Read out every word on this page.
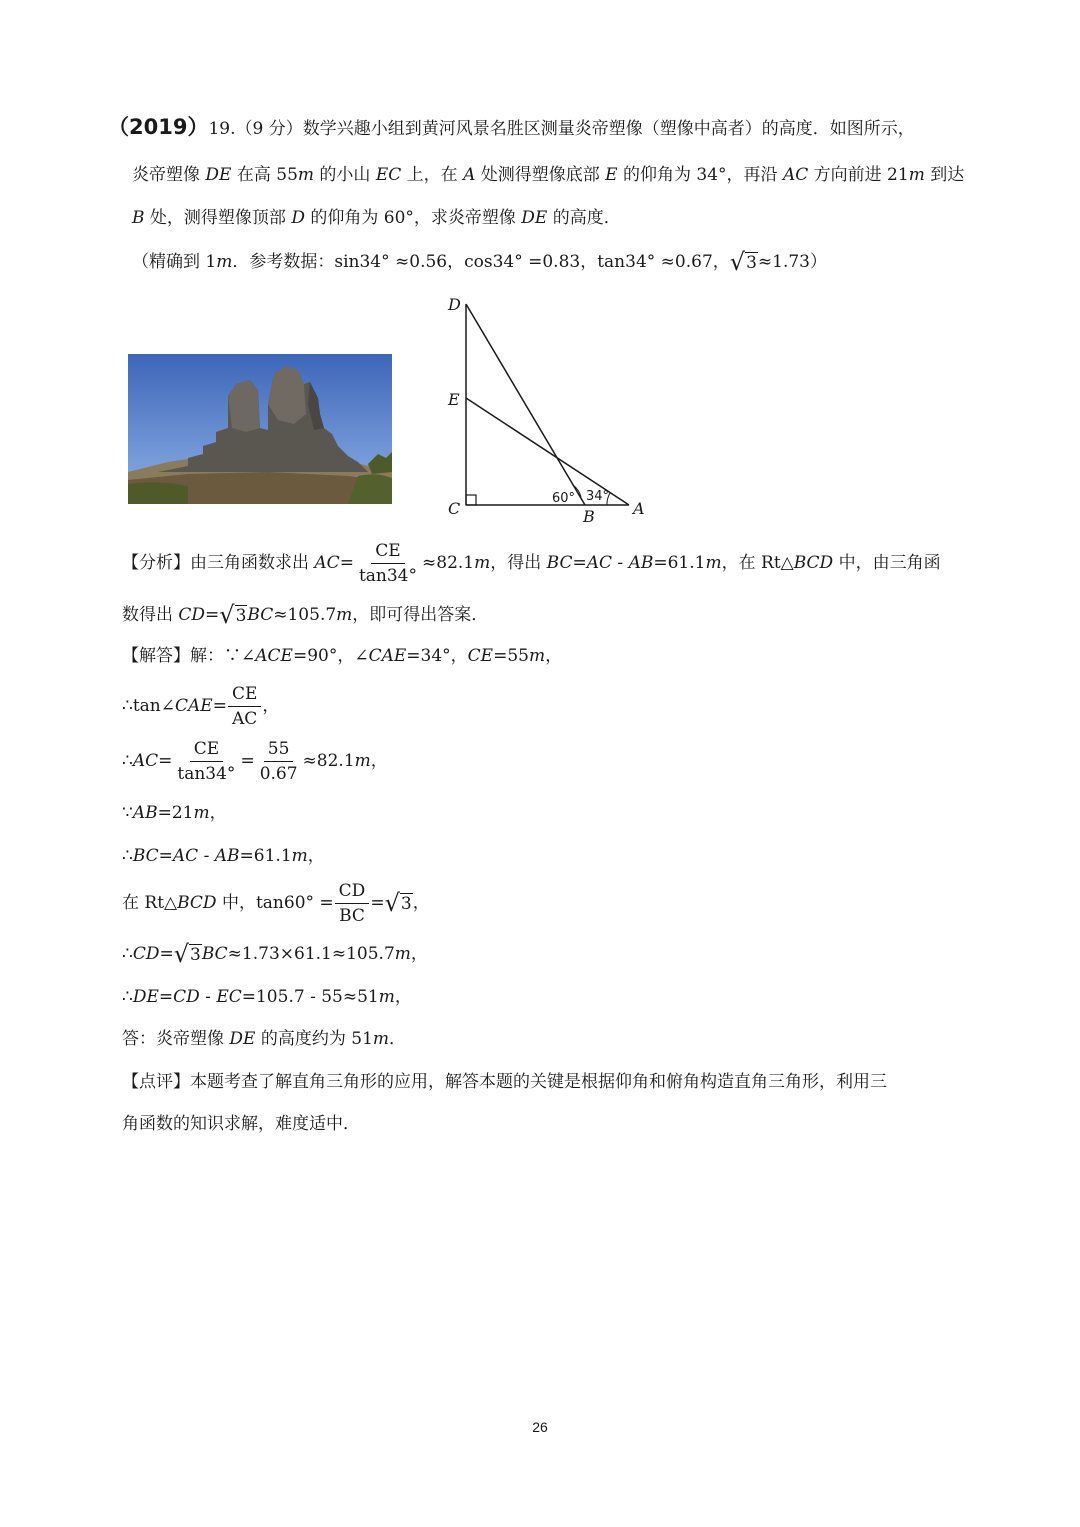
（2019）19.（9 分）数学兴趣小组到黄河风景名胜区测量炎帝塑像（塑像中高者）的高度．如图所示，
炎帝塑像 DE 在高 55m 的小山 EC 上，在 A 处测得塑像底部 E 的仰角为 34°，再沿 AC 方向前进 21m 到达
B 处，测得塑像顶部 D 的仰角为 60°，求炎帝塑像 DE 的高度．
（精确到 1m．参考数据：sin34° ≈0.56，cos34° =0.83，tan34° ≈0.67， √ 3 ≈1.73）
D
E
C	B A
60° 34°
【分析】由三角函数求出 $AC= \frac{CE}{\tan 34^\circ} \approx 82.1m$，得出 BC=AC - AB=61.1m，在 Rt△BCD 中，由三角函
数得出 CD= √ 3 BC≈105.7m，即可得出答案．
【解答】解：∵∠ACE=90°，∠CAE=34°，CE=55m，
∴tan∠CAE= $\frac{CE}{AC}$ ，
∴AC= $\frac{CE}{\tan 34^\circ} = \frac{55}{0.67} \approx 82.1m$，
∵AB=21m，
∴BC=AC - AB=61.1m，
在 Rt△BCD 中，$\tan 60^\circ = \frac{CD}{BC}$ = √ 3 ，
∴CD= √ 3 BC≈1.73×61.1≈105.7m，
∴DE=CD - EC=105.7 - 55≈51m，
答：炎帝塑像 DE 的高度约为 51m．
【点评】本题考查了解直角三角形的应用，解答本题的关键是根据仰角和俯角构造直角三角形，利用三
角函数的知识求解，难度适中．
26
